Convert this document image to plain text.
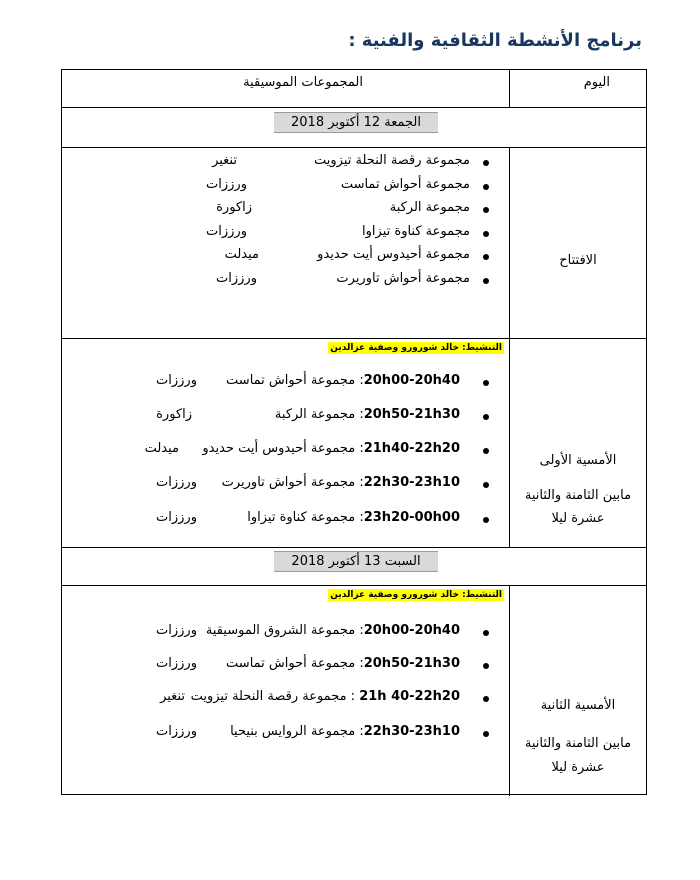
برنامج الأنشطة الثقافية والفنية :
اليوم
المجموعات الموسيقية
الجمعة 12 أكتوبر 2018
الافتتاح
مجموعة رقصة النحلة تيزويت
تنغير
مجموعة أحواش تماست
ورززات
مجموعة الركبة
زاكورة
مجموعة كناوة تيزاوا
ورززات
مجموعة أحيدوس أيت حديدو
ميدلت
مجموعة أحواش تاوريرت
ورززات
التنشيط: خالد شورورو وصفية عزالدين
الأمسية الأولى
مابين الثامنة والثانية
عشرة ليلا
20h00-20h40: مجموعة أحواش تماست
ورززات
20h50-21h30: مجموعة الركبة
زاكورة
21h40-22h20: مجموعة أحيدوس أيت حديدو
ميدلت
22h30-23h10: مجموعة أحواش تاوريرت
ورززات
23h20-00h00: مجموعة كناوة تيزاوا
ورززات
السبت 13 أكتوبر 2018
التنشيط: خالد شورورو وصفية عزالدين
الأمسية الثانية
مابين الثامنة والثانية
عشرة ليلا
20h00-20h40: مجموعة الشروق الموسيقية
ورززات
20h50-21h30: مجموعة أحواش تماست
ورززات
21h 40-22h20 : مجموعة رقصة النحلة تيزويت
تنغير
22h30-23h10: مجموعة الروايس بنيحيا
ورززات
